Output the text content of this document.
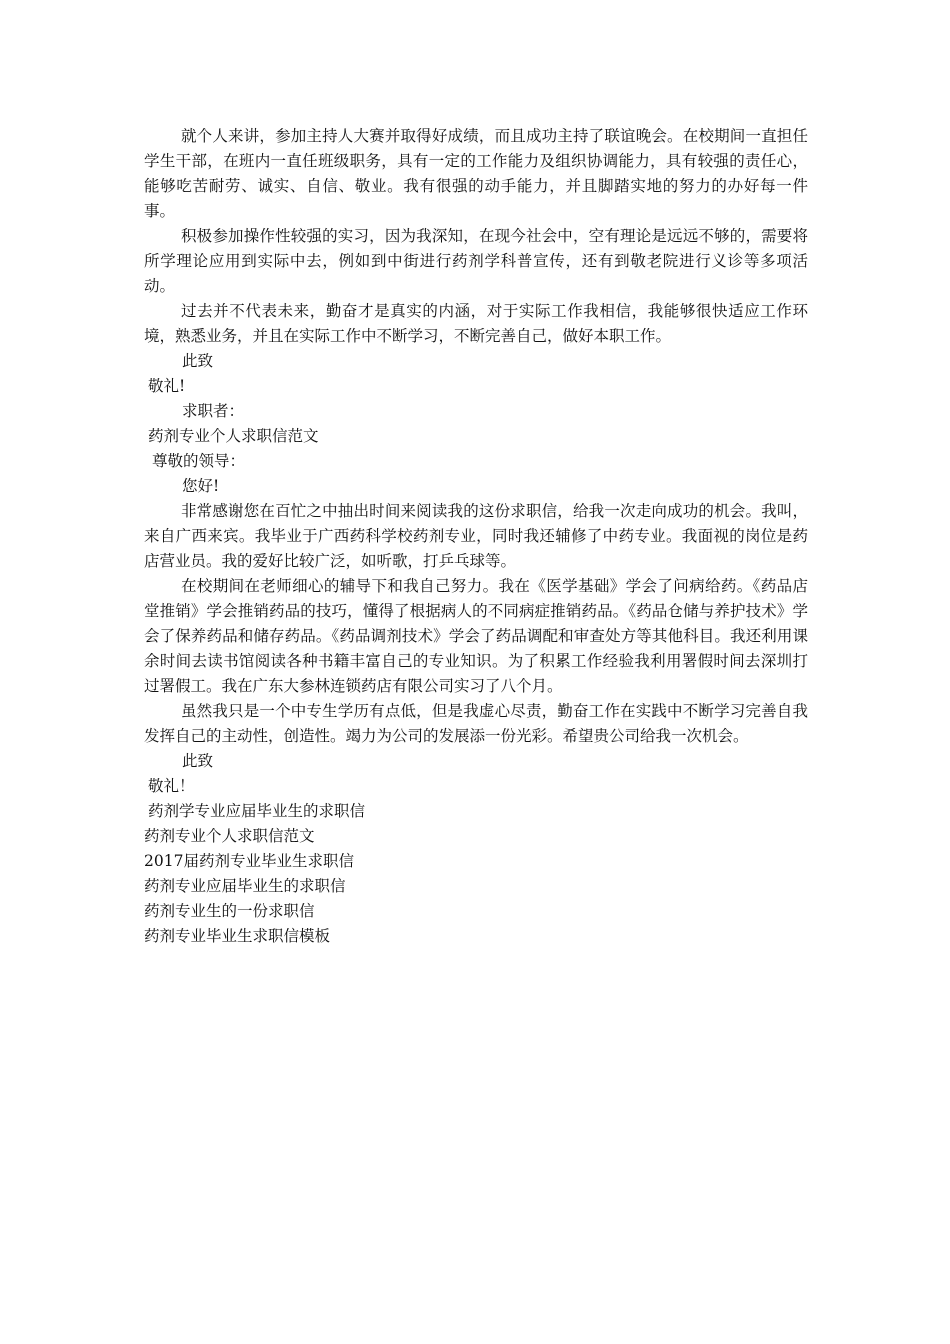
就个人来讲，参加主持人大赛并取得好成绩，而且成功主持了联谊晚会。在校期间一直担任学生干部，在班内一直任班级职务，具有一定的工作能力及组织协调能力，具有较强的责任心，能够吃苦耐劳、诚实、自信、敬业。我有很强的动手能力，并且脚踏实地的努力的办好每一件事。

积极参加操作性较强的实习，因为我深知，在现今社会中，空有理论是远远不够的，需要将所学理论应用到实际中去，例如到中街进行药剂学科普宣传，还有到敬老院进行义诊等多项活动。

过去并不代表未来，勤奋才是真实的内涵，对于实际工作我相信，我能够很快适应工作环境，熟悉业务，并且在实际工作中不断学习，不断完善自己，做好本职工作。

此致

敬礼!

求职者：

药剂专业个人求职信范文

尊敬的领导：

您好!

非常感谢您在百忙之中抽出时间来阅读我的这份求职信，给我一次走向成功的机会。我叫，来自广西来宾。我毕业于广西药科学校药剂专业，同时我还辅修了中药专业。我面视的岗位是药店营业员。我的爱好比较广泛，如听歌，打乒乓球等。

在校期间在老师细心的辅导下和我自己努力。我在《医学基础》学会了问病给药。《药品店堂推销》学会推销药品的技巧，懂得了根据病人的不同病症推销药品。《药品仓储与养护技术》学会了保养药品和储存药品。《药品调剂技术》学会了药品调配和审查处方等其他科目。我还利用课余时间去读书馆阅读各种书籍丰富自己的专业知识。为了积累工作经验我利用署假时间去深圳打过署假工。我在广东大参林连锁药店有限公司实习了八个月。

虽然我只是一个中专生学历有点低，但是我虚心尽责，勤奋工作在实践中不断学习完善自我发挥自己的主动性，创造性。竭力为公司的发展添一份光彩。希望贵公司给我一次机会。

此致

敬礼！

药剂学专业应届毕业生的求职信

药剂专业个人求职信范文

2017届药剂专业毕业生求职信

药剂专业应届毕业生的求职信

药剂专业生的一份求职信

药剂专业毕业生求职信模板
